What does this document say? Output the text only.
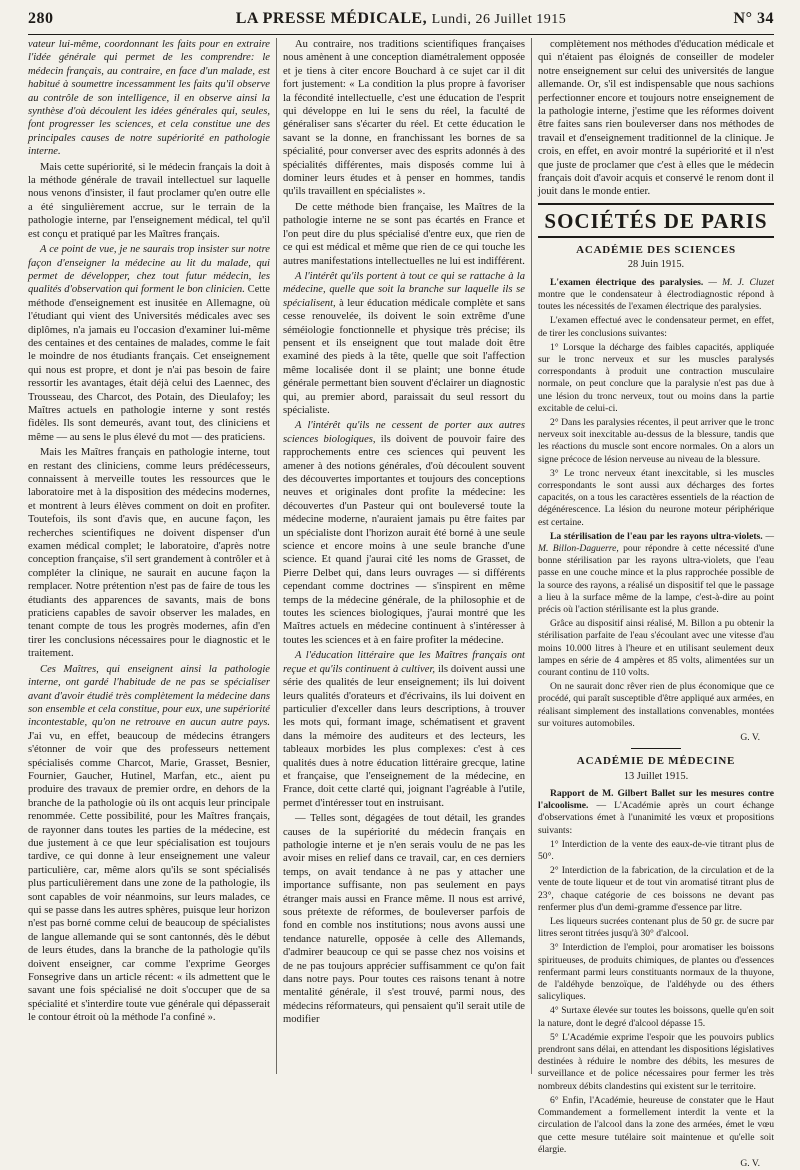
280	LA PRESSE MÉDICALE, Lundi, 26 Juillet 1915	N° 34

vateur lui-même, coordonnant les faits pour en extraire l'idée générale qui permet de les comprendre: le médecin français, au contraire, en face d'un malade, est habitué à soumettre incessamment les faits qu'il observe au contrôle de son intelligence, il en observe ainsi la synthèse d'où découlent les idées générales qui, seules, font progresser les sciences, et cela constitue une des principales causes de notre supériorité en pathologie interne.

Mais cette supériorité, si le médecin français la doit à la méthode générale de travail intellectuel sur laquelle nous venons d'insister, il faut proclamer qu'en outre elle a été singulièrement accrue, sur le terrain de la pathologie interne, par l'enseignement médical, tel qu'il est conçu et pratiqué par les Maîtres français.

A ce point de vue, je ne saurais trop insister sur notre façon d'enseigner la médecine au lit du malade, qui permet de développer, chez tout futur médecin, les qualités d'observation qui forment le bon clinicien. Cette méthode d'enseignement est inusitée en Allemagne, où l'étudiant qui vient des Universités médicales avec ses diplômes, n'a jamais eu l'occasion d'examiner lui-même des centaines et des centaines de malades, comme le fait le moindre de nos étudiants français. Cet enseignement qui nous est propre, et dont je n'ai pas besoin de faire ressortir les avantages, était déjà celui des Laennec, des Trousseau, des Charcot, des Potain, des Dieulafoy; les Maîtres actuels en pathologie interne y sont restés fidèles. Ils sont demeurés, avant tout, des cliniciens et même — au sens le plus élevé du mot — des praticiens.

Mais les Maîtres français en pathologie interne, tout en restant des cliniciens, comme leurs prédécesseurs, connaissent à merveille toutes les ressources que le laboratoire met à la disposition des médecins modernes, et montrent à leurs élèves comment on doit en profiter. Toutefois, ils sont d'avis que, en aucune façon, les recherches scientifiques ne doivent dispenser d'un examen médical complet; le laboratoire, d'après notre conception française, s'il sert grandement à contrôler et à compléter la clinique, ne saurait en aucune façon la remplacer. Notre prétention n'est pas de faire de tous les étudiants des apparences de savants, mais de bons praticiens capables de savoir observer les malades, en tenant compte de tous les progrès modernes, afin d'en tirer les conclusions nécessaires pour le diagnostic et le traitement.

Ces Maîtres, qui enseignent ainsi la pathologie interne, ont gardé l'habitude de ne pas se spécialiser avant d'avoir étudié très complètement la médecine dans son ensemble et cela constitue, pour eux, une supériorité incontestable, qu'on ne retrouve en aucun autre pays. J'ai vu, en effet, beaucoup de médecins étrangers s'étonner de voir que des professeurs nettement spécialisés comme Charcot, Marie, Grasset, Besnier, Fournier, Gaucher, Hutinel, Marfan, etc., aient pu produire des travaux de premier ordre, en dehors de la branche de la pathologie où ils ont acquis leur principale renommée. Cette possibilité, pour les Maîtres français, de rayonner dans toutes les parties de la médecine, est due justement à ce que leur spécialisation est toujours tardive, ce qui donne à leur enseignement une valeur particulière, car, même alors qu'ils se sont spécialisés plus particulièrement dans une zone de la pathologie, ils sont capables de voir néanmoins, sur leurs malades, ce qui se passe dans les autres sphères, puisque leur horizon n'est pas borné comme celui de beaucoup de spécialistes de langue allemande qui se sont cantonnés, dès le début de leurs études, dans la branche de la pathologie qu'ils doivent enseigner, car comme l'exprime Georges Fonsegrive dans un article récent: « ils admettent que le savant une fois spécialisé ne doit s'occuper que de sa spécialité et s'interdire toute vue générale qui dépasserait le contour étroit où la méthode l'a confiné ».

Au contraire, nos traditions scientifiques françaises nous amènent à une conception diamétralement opposée et je tiens à citer encore Bouchard à ce sujet car il dit fort justement: « La condition la plus propre à favoriser la fécondité intellectuelle, c'est une éducation de l'esprit qui développe en lui le sens du réel, la faculté de généraliser sans s'écarter du réel. Et cette éducation le savant se la donne, en franchissant les bornes de sa spécialité, pour converser avec des esprits adonnés à des spécialités différentes, mais disposés comme lui à dominer leurs études et à penser en hommes, tandis qu'ils travaillent en spécialistes ».

De cette méthode bien française, les Maîtres de la pathologie interne ne se sont pas écartés en France et l'on peut dire du plus spécialisé d'entre eux, que rien de ce qui est médical et même que rien de ce qui touche les autres manifestations intellectuelles ne lui est indifférent.

A l'intérêt qu'ils portent à tout ce qui se rattache à la médecine, quelle que soit la branche sur laquelle ils se spécialisent, à leur éducation médicale complète et sans cesse renouvelée, ils doivent le soin extrême d'une séméiologie fonctionnelle et physique très précise; ils pensent et ils enseignent que tout malade doit être examiné des pieds à la tête, quelle que soit l'affection même localisée dont il se plaint; une bonne étude générale permettant bien souvent d'éclairer un diagnostic qui, au premier abord, paraissait du seul ressort du spécialiste.

A l'intérêt qu'ils ne cessent de porter aux autres sciences biologiques, ils doivent de pouvoir faire des rapprochements entre ces sciences qui peuvent les amener à des notions générales, d'où découlent souvent des découvertes importantes et toujours des conceptions neuves et originales dont profite la médecine: les découvertes d'un Pasteur qui ont bouleversé toute la médecine moderne, n'auraient jamais pu être faites par un spécialiste dont l'horizon aurait été borné à une seule science et encore moins à une seule branche d'une science. Et quand j'aurai cité les noms de Grasset, de Pierre Delbet qui, dans leurs ouvrages — si différents cependant comme doctrines — s'inspirent en même temps de la médecine générale, de la philosophie et de toutes les sciences biologiques, j'aurai montré que les Maîtres actuels en médecine continuent à s'intéresser à toutes les sciences et à en faire profiter la médecine.

A l'éducation littéraire que les Maîtres français ont reçue et qu'ils continuent à cultiver, ils doivent aussi une série des qualités de leur enseignement; ils lui doivent leurs qualités d'orateurs et d'écrivains, ils lui doivent en particulier d'exceller dans leurs descriptions, à trouver les mots qui, formant image, schématisent et gravent dans la mémoire des auditeurs et des lecteurs, les tableaux morbides les plus complexes: c'est à ces qualités dues à notre éducation littéraire grecque, latine et française, que l'enseignement de la médecine, en France, doit cette clarté qui, joignant l'agréable à l'utile, permet d'intéresser tout en instruisant.

— Telles sont, dégagées de tout détail, les grandes causes de la supériorité du médecin français en pathologie interne et je n'en serais voulu de ne pas les avoir mises en relief dans ce travail, car, en ces derniers temps, on avait tendance à ne pas y attacher une importance suffisante, non pas seulement en pays étranger mais aussi en France même. Il nous est arrivé, sous prétexte de réformes, de bouleverser parfois de fond en comble nos institutions; nous avons aussi une tendance naturelle, opposée à celle des Allemands, d'admirer beaucoup ce qui se passe chez nos voisins et de ne pas toujours apprécier suffisamment ce qu'on fait dans notre pays. Pour toutes ces raisons tenant à notre mentalité générale, il s'est trouvé, parmi nous, des médecins réformateurs, qui pensaient qu'il serait utile de modifier

complètement nos méthodes d'éducation médicale et qui n'étaient pas éloignés de conseiller de modeler notre enseignement sur celui des universités de langue allemande. Or, s'il est indispensable que nous sachions perfectionner encore et toujours notre enseignement de la pathologie interne, j'estime que les réformes doivent être faites sans rien bouleverser dans nos méthodes de travail et d'enseignement traditionnel de la clinique. Je crois, en effet, en avoir montré la supériorité et il n'est que juste de proclamer que c'est à elles que le médecin français doit d'avoir acquis et conservé le renom dont il jouit dans le monde entier.

SOCIÉTÉS DE PARIS
ACADÉMIE DES SCIENCES
28 Juin 1915.

L'examen électrique des paralysies. — M. J. Cluzet montre que le condensateur à électrodiagnostic répond à toutes les nécessités de l'examen électrique des paralysies.

L'examen effectué avec le condensateur permet, en effet, de tirer les conclusions suivantes:

1° Lorsque la décharge des faibles capacités, appliquée sur le tronc nerveux et sur les muscles paralysés correspondants à produit une contraction musculaire normale, on peut conclure que la paralysie n'est pas due à une lésion du tronc nerveux, tout ou moins dans la partie excitable de celui-ci.

2° Dans les paralysies récentes, il peut arriver que le tronc nerveux soit inexcitable au-dessus de la blessure, tandis que les réactions du muscle sont encore normales. On a alors un signe précoce de lésion nerveuse au niveau de la blessure.

3° Le tronc nerveux étant inexcitable, si les muscles correspondants le sont aussi aux décharges des fortes capacités, on a tous les caractères essentiels de la réaction de dégénérescence. La lésion du neurone moteur périphérique est certaine.

La stérilisation de l'eau par les rayons ultra-violets. — M. Billon-Daguerre, pour répondre à cette nécessité d'une bonne stérilisation par les rayons ultra-violets, que l'eau passe en une couche mince et la plus rapprochée possible de la source des rayons, a réalisé un dispositif tel que le passage a lieu à la surface même de la lampe, c'est-à-dire au point précis où l'action stérilisante est la plus grande.

Grâce au dispositif ainsi réalisé, M. Billon a pu obtenir la stérilisation parfaite de l'eau s'écoulant avec une vitesse d'au moins 10.000 litres à l'heure et en utilisant seulement deux lampes en série de 4 ampères et 85 volts, alimentées sur un courant continu de 110 volts.

On ne saurait donc rêver rien de plus économique que ce procédé, qui paraît susceptible d'être appliqué aux armées, en réalisant simplement des installations convenables, montées sur voitures automobiles.

G. V.
ACADÉMIE DE MÉDECINE
13 Juillet 1915.

Rapport de M. Gilbert Ballet sur les mesures contre l'alcoolisme. — L'Académie après un court échange d'observations émet à l'unanimité les vœux et propositions suivants:

1° Interdiction de la vente des eaux-de-vie titrant plus de 50°.

2° Interdiction de la fabrication, de la circulation et de la vente de toute liqueur et de tout vin aromatisé titrant plus de 23°, chaque catégorie de ces boissons ne devant pas renfermer plus d'un demi-gramme d'essence par litre.

Les liqueurs sucrées contenant plus de 50 gr. de sucre par litres seront titrées jusqu'à 30° d'alcool.

3° Interdiction de l'emploi, pour aromatiser les boissons spiritueuses, de produits chimiques, de plantes ou d'essences renfermant parmi leurs constituants normaux de la thuyone, de l'aldéhyde benzoïque, de l'aldéhyde ou des éthers salicyliques.

4° Surtaxe élevée sur toutes les boissons, quelle qu'en soit la nature, dont le degré d'alcool dépasse 15.

5° L'Académie exprime l'espoir que les pouvoirs publics prendront sans délai, en attendant les dispositions législatives destinées à réduire le nombre des débits, les mesures de surveillance et de police nécessaires pour fermer les très nombreux débits clandestins qui existent sur le territoire.

6° Enfin, l'Académie, heureuse de constater que le Haut Commandement a formellement interdit la vente et la circulation de l'alcool dans la zone des armées, émet le vœu que cette mesure tutélaire soit maintenue et qu'elle soit élargie.

G. V.
